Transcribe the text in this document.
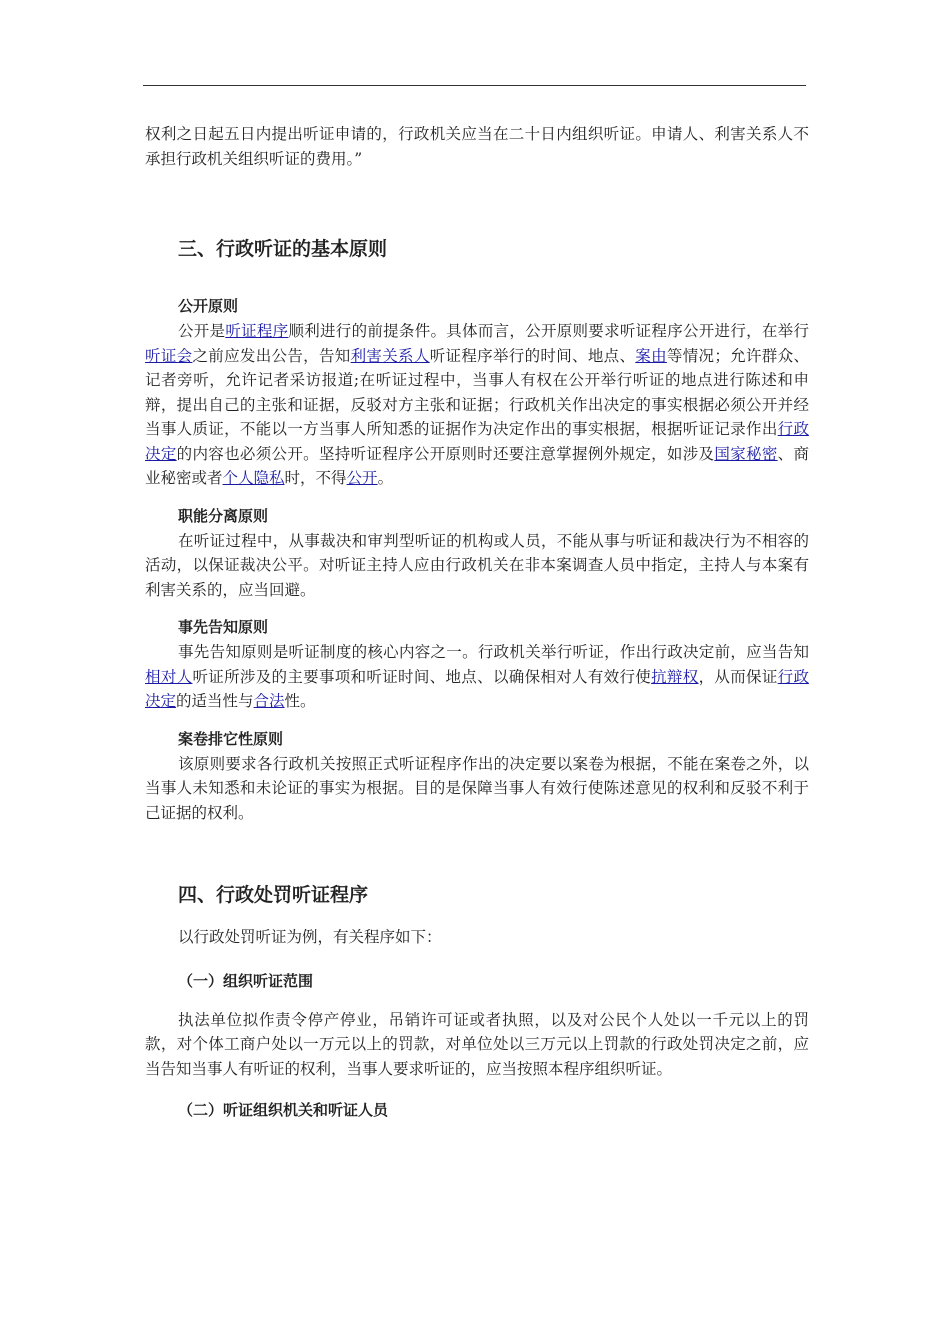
权利之日起五日内提出听证申请的，行政机关应当在二十日内组织听证。申请人、利害关系人不承担行政机关组织听证的费用。”

三、行政听证的基本原则
公开原则

公开是听证程序顺利进行的前提条件。具体而言，公开原则要求听证程序公开进行，在举行听证会之前应发出公告，告知利害关系人听证程序举行的时间、地点、案由等情况；允许群众、记者旁听，允许记者采访报道;在听证过程中，当事人有权在公开举行听证的地点进行陈述和申辩，提出自己的主张和证据，反驳对方主张和证据；行政机关作出决定的事实根据必须公开并经当事人质证，不能以一方当事人所知悉的证据作为决定作出的事实根据，根据听证记录作出行政决定的内容也必须公开。坚持听证程序公开原则时还要注意掌握例外规定，如涉及国家秘密、商业秘密或者个人隐私时，不得公开。

职能分离原则

在听证过程中，从事裁决和审判型听证的机构或人员，不能从事与听证和裁决行为不相容的活动，以保证裁决公平。对听证主持人应由行政机关在非本案调查人员中指定，主持人与本案有利害关系的，应当回避。

事先告知原则

事先告知原则是听证制度的核心内容之一。行政机关举行听证，作出行政决定前，应当告知相对人听证所涉及的主要事项和听证时间、地点、以确保相对人有效行使抗辩权，从而保证行政决定的适当性与合法性。

案卷排它性原则

该原则要求各行政机关按照正式听证程序作出的决定要以案卷为根据，不能在案卷之外，以当事人未知悉和未论证的事实为根据。目的是保障当事人有效行使陈述意见的权利和反驳不利于己证据的权利。

四、行政处罚听证程序

以行政处罚听证为例，有关程序如下：

（一）组织听证范围

执法单位拟作责令停产停业，吊销许可证或者执照，以及对公民个人处以一千元以上的罚款，对个体工商户处以一万元以上的罚款，对单位处以三万元以上罚款的行政处罚决定之前，应当告知当事人有听证的权利，当事人要求听证的，应当按照本程序组织听证。

（二）听证组织机关和听证人员
